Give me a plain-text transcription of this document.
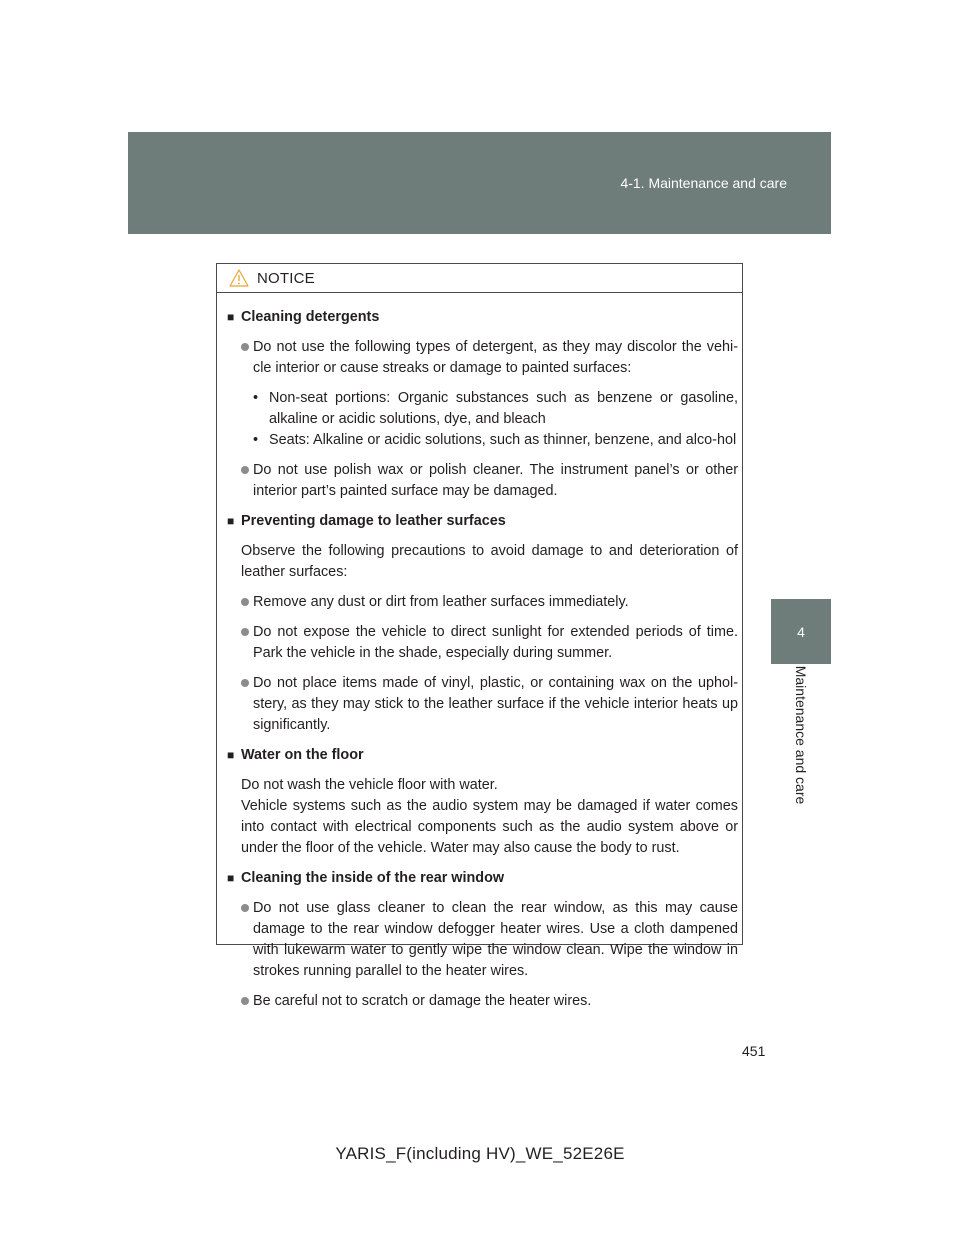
4-1. Maintenance and care
4
Maintenance and care
NOTICE
■ Cleaning detergents
Do not use the following types of detergent, as they may discolor the vehi-cle interior or cause streaks or damage to painted surfaces:
• Non-seat portions: Organic substances such as benzene or gasoline, alkaline or acidic solutions, dye, and bleach
• Seats: Alkaline or acidic solutions, such as thinner, benzene, and alco-hol
Do not use polish wax or polish cleaner. The instrument panel’s or other interior part’s painted surface may be damaged.
■ Preventing damage to leather surfaces
Observe the following precautions to avoid damage to and deterioration of leather surfaces:
Remove any dust or dirt from leather surfaces immediately.
Do not expose the vehicle to direct sunlight for extended periods of time. Park the vehicle in the shade, especially during summer.
Do not place items made of vinyl, plastic, or containing wax on the uphol-stery, as they may stick to the leather surface if the vehicle interior heats up significantly.
■ Water on the floor
Do not wash the vehicle floor with water.
Vehicle systems such as the audio system may be damaged if water comes into contact with electrical components such as the audio system above or under the floor of the vehicle. Water may also cause the body to rust.
■ Cleaning the inside of the rear window
Do not use glass cleaner to clean the rear window, as this may cause damage to the rear window defogger heater wires. Use a cloth dampened with lukewarm water to gently wipe the window clean. Wipe the window in strokes running parallel to the heater wires.
Be careful not to scratch or damage the heater wires.
451
YARIS_F(including HV)_WE_52E26E
